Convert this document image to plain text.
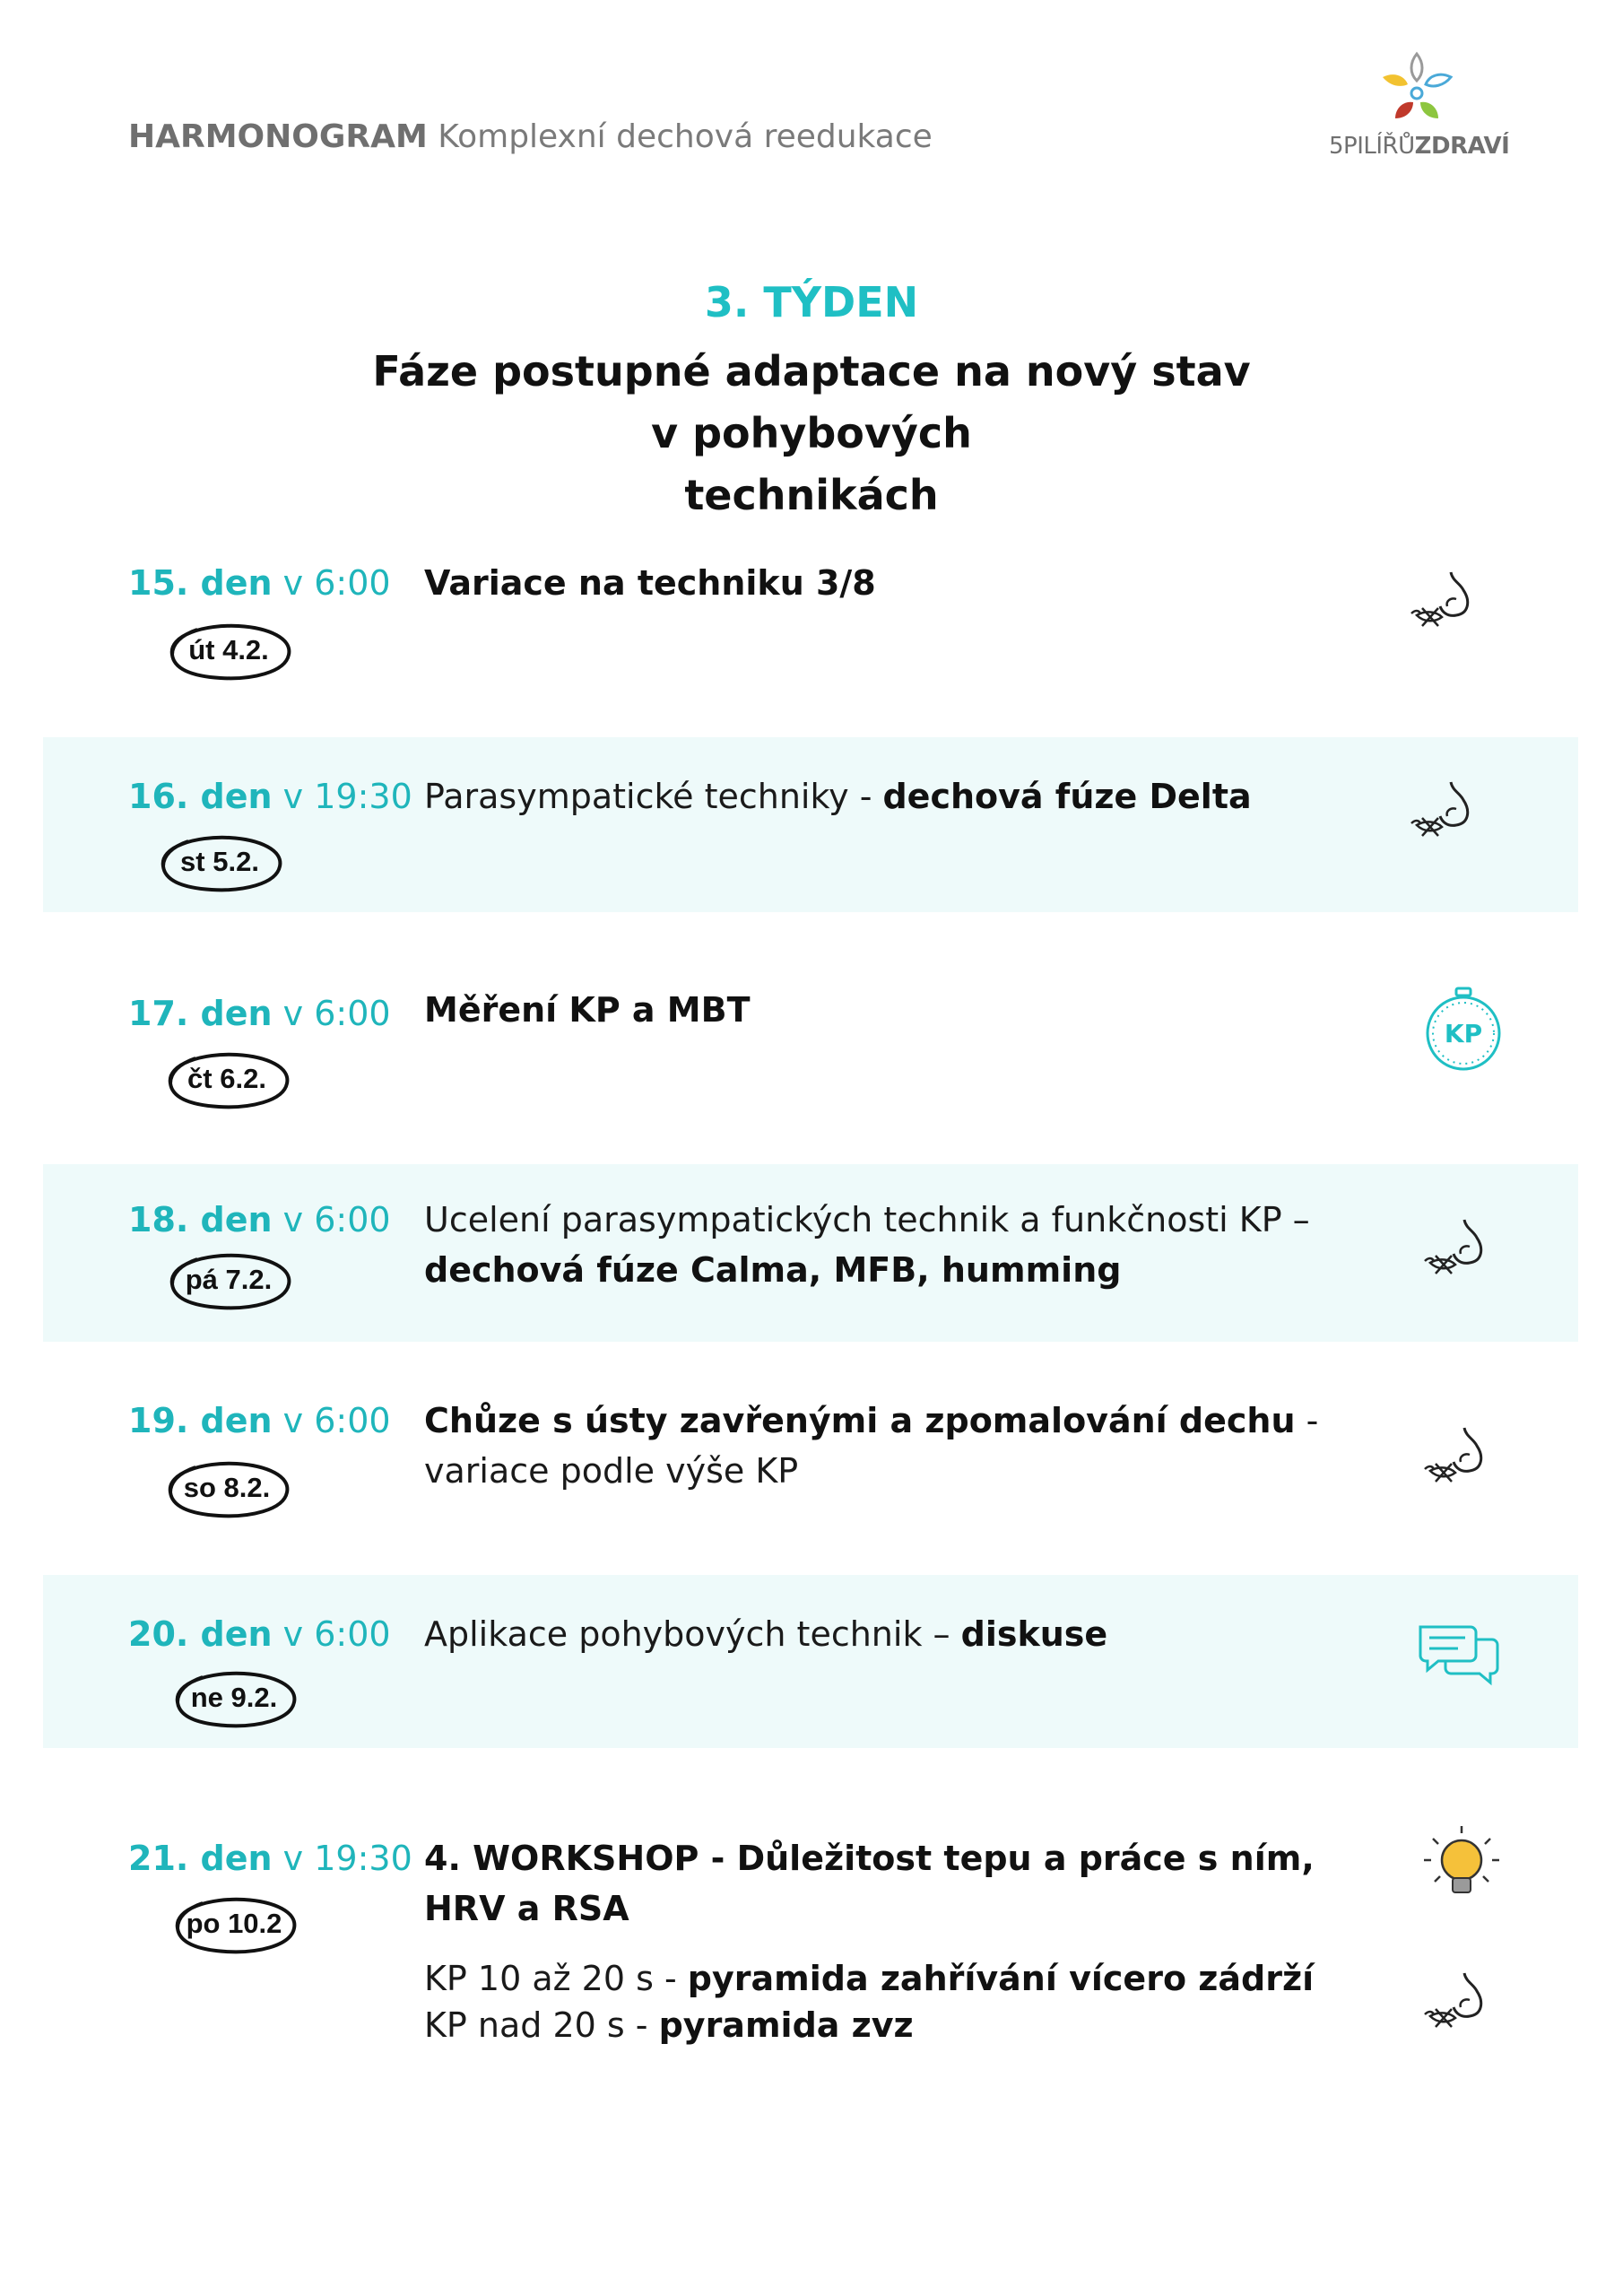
HARMONOGRAM Komplexní dechová reedukace	5PILÍŘŮZDRAVÍ
3. TÝDEN
Fáze postupné adaptace na nový stav
v pohybových
technikách
15. den v 6:00
út 4.2.
Variace na techniku 3/8
16. den v 19:30
st 5.2.
Parasympatické techniky - dechová fúze Delta
17. den v 6:00
čt 6.2.
Měření KP a MBT
KP
18. den v 6:00
pá 7.2.
Ucelení parasympatických technik a funkčnosti KP –
dechová fúze Calma, MFB, humming
19. den v 6:00
so 8.2.
Chůze s ústy zavřenými a zpomalování dechu -
variace podle výše KP
20. den v 6:00
ne 9.2.
Aplikace pohybových technik – diskuse
21. den v 19:30
po 10.2
4. WORKSHOP - Důležitost tepu a práce s ním, HRV a RSA
KP 10 až 20 s - pyramida zahřívání vícero zádrží
KP nad 20 s - pyramida zvz
